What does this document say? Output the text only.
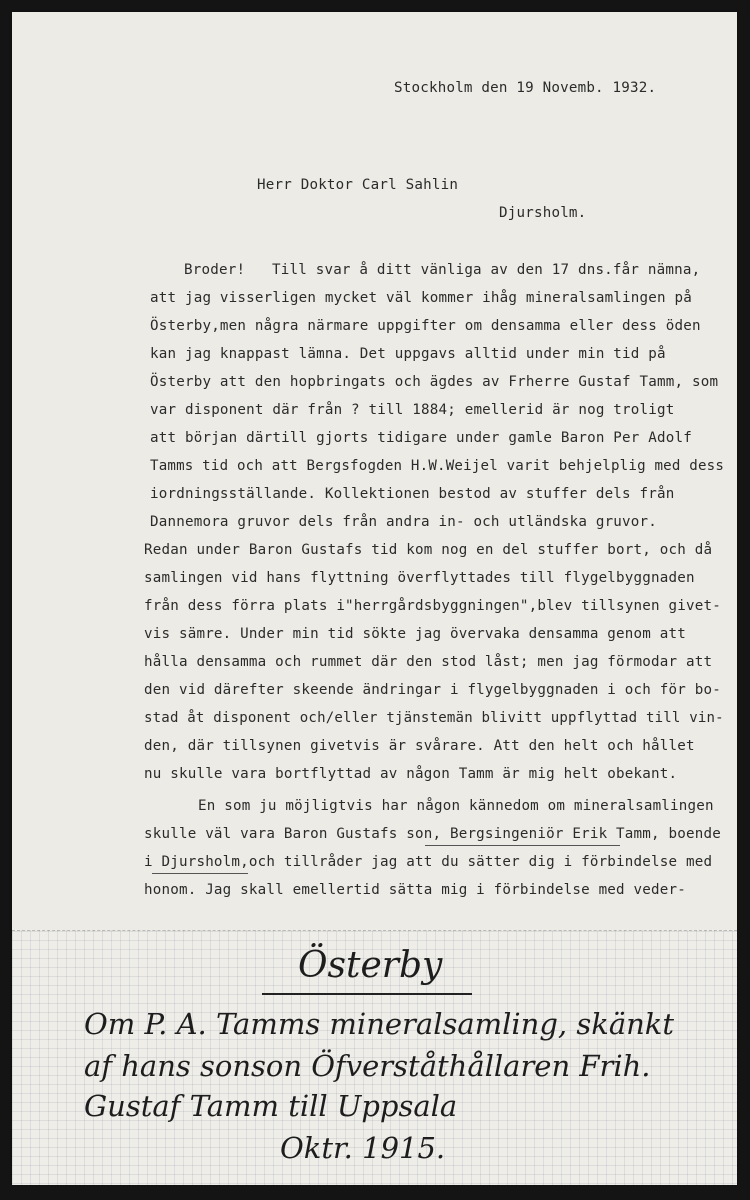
Stockholm den 19 Novemb. 1932.
Herr Doktor Carl Sahlin
Djursholm.
Broder! Till svar å ditt vänliga av den 17 dns.får nämna,
att jag visserligen mycket väl kommer ihåg mineralsamlingen på
Österby,men några närmare uppgifter om densamma eller dess öden
kan jag knappast lämna. Det uppgavs alltid under min tid på
Österby att den hopbringats och ägdes av Frherre Gustaf Tamm, som
var disponent där från ? till 1884; emellerid är nog troligt
att början därtill gjorts tidigare under gamle Baron Per Adolf
Tamms tid och att Bergsfogden H.W.Weijel varit behjelplig med dess
iordningsställande. Kollektionen bestod av stuffer dels från
Dannemora gruvor dels från andra in- och utländska gruvor.
Redan under Baron Gustafs tid kom nog en del stuffer bort, och då
samlingen vid hans flyttning överflyttades till flygelbyggnaden
från dess förra plats i"herrgårdsbyggningen",blev tillsynen givet-
vis sämre. Under min tid sökte jag övervaka densamma genom att
hålla densamma och rummet där den stod låst; men jag förmodar att
den vid därefter skeende ändringar i flygelbyggnaden i och för bo-
stad åt disponent och/eller tjänstemän blivitt uppflyttad till vin-
den, där tillsynen givetvis är svårare. Att den helt och hållet
nu skulle vara bortflyttad av någon Tamm är mig helt obekant.
En som ju möjligtvis har någon kännedom om mineralsamlingen
skulle väl vara Baron Gustafs son, Bergsingeniör Erik Tamm, boende
i Djursholm,och tillråder jag att du sätter dig i förbindelse med
honom. Jag skall emellertid sätta mig i förbindelse med veder-
Österby
Om P. A. Tamms mineralsamling, skänkt
af hans sonson Öfverståthållaren Frih.
Gustaf Tamm till Uppsala
Oktr. 1915.
